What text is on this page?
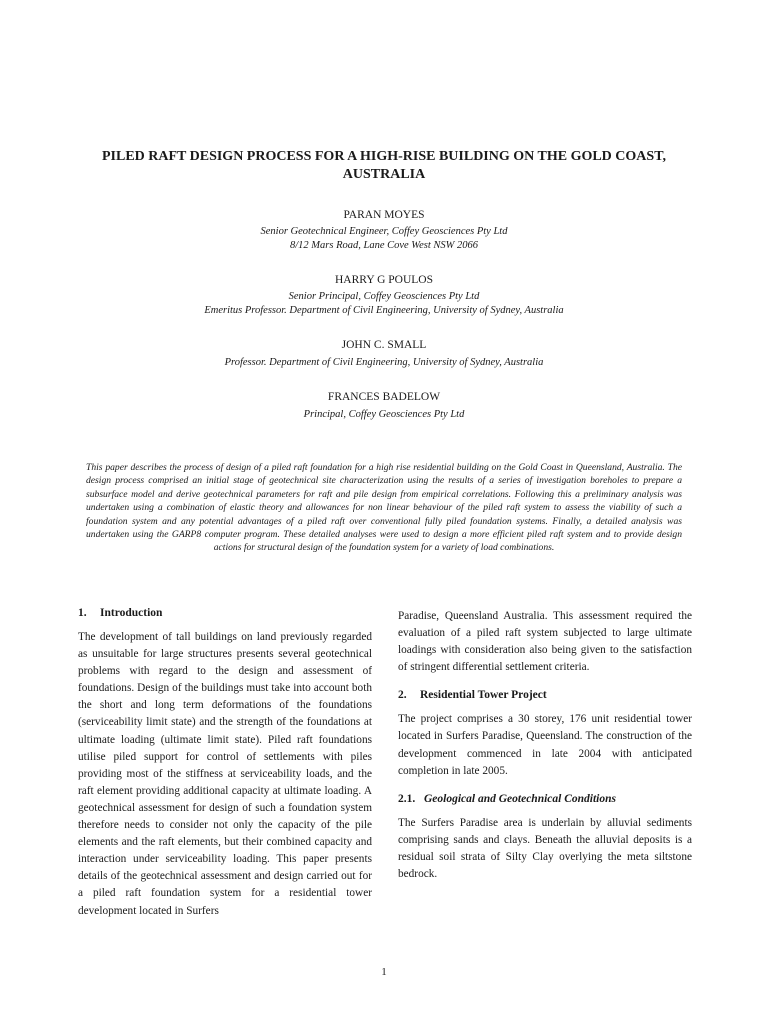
PILED RAFT DESIGN PROCESS FOR A HIGH-RISE BUILDING ON THE GOLD COAST, AUSTRALIA
PARAN MOYES
Senior Geotechnical Engineer, Coffey Geosciences Pty Ltd
8/12 Mars Road, Lane Cove West NSW 2066
HARRY G POULOS
Senior Principal, Coffey Geosciences Pty Ltd
Emeritus Professor. Department of Civil Engineering, University of Sydney, Australia
JOHN C. SMALL
Professor. Department of Civil Engineering, University of Sydney, Australia
FRANCES BADELOW
Principal, Coffey Geosciences Pty Ltd

This paper describes the process of design of a piled raft foundation for a high rise residential building on the Gold Coast in Queensland, Australia. The design process comprised an initial stage of geotechnical site characterization using the results of a series of investigation boreholes to prepare a subsurface model and derive geotechnical parameters for raft and pile design from empirical correlations. Following this a preliminary analysis was undertaken using a combination of elastic theory and allowances for non linear behaviour of the piled raft system to assess the viability of such a foundation system and any potential advantages of a piled raft over conventional fully piled foundation systems. Finally, a detailed analysis was undertaken using the GARP8 computer program. These detailed analyses were used to design a more efficient piled raft system and to provide design actions for structural design of the foundation system for a variety of load combinations.

1. Introduction

The development of tall buildings on land previously regarded as unsuitable for large structures presents several geotechnical problems with regard to the design and assessment of foundations. Design of the buildings must take into account both the short and long term deformations of the foundations (serviceability limit state) and the strength of the foundations at ultimate loading (ultimate limit state). Piled raft foundations utilise piled support for control of settlements with piles providing most of the stiffness at serviceability loads, and the raft element providing additional capacity at ultimate loading. A geotechnical assessment for design of such a foundation system therefore needs to consider not only the capacity of the pile elements and the raft elements, but their combined capacity and interaction under serviceability loading. This paper presents details of the geotechnical assessment and design carried out for a piled raft foundation system for a residential tower development located in Surfers

Paradise, Queensland Australia. This assessment required the evaluation of a piled raft system subjected to large ultimate loadings with consideration also being given to the satisfaction of stringent differential settlement criteria.

2. Residential Tower Project

The project comprises a 30 storey, 176 unit residential tower located in Surfers Paradise, Queensland. The construction of the development commenced in late 2004 with anticipated completion in late 2005.

2.1. Geological and Geotechnical Conditions

The Surfers Paradise area is underlain by alluvial sediments comprising sands and clays. Beneath the alluvial deposits is a residual soil strata of Silty Clay overlying the meta siltstone bedrock.

1
